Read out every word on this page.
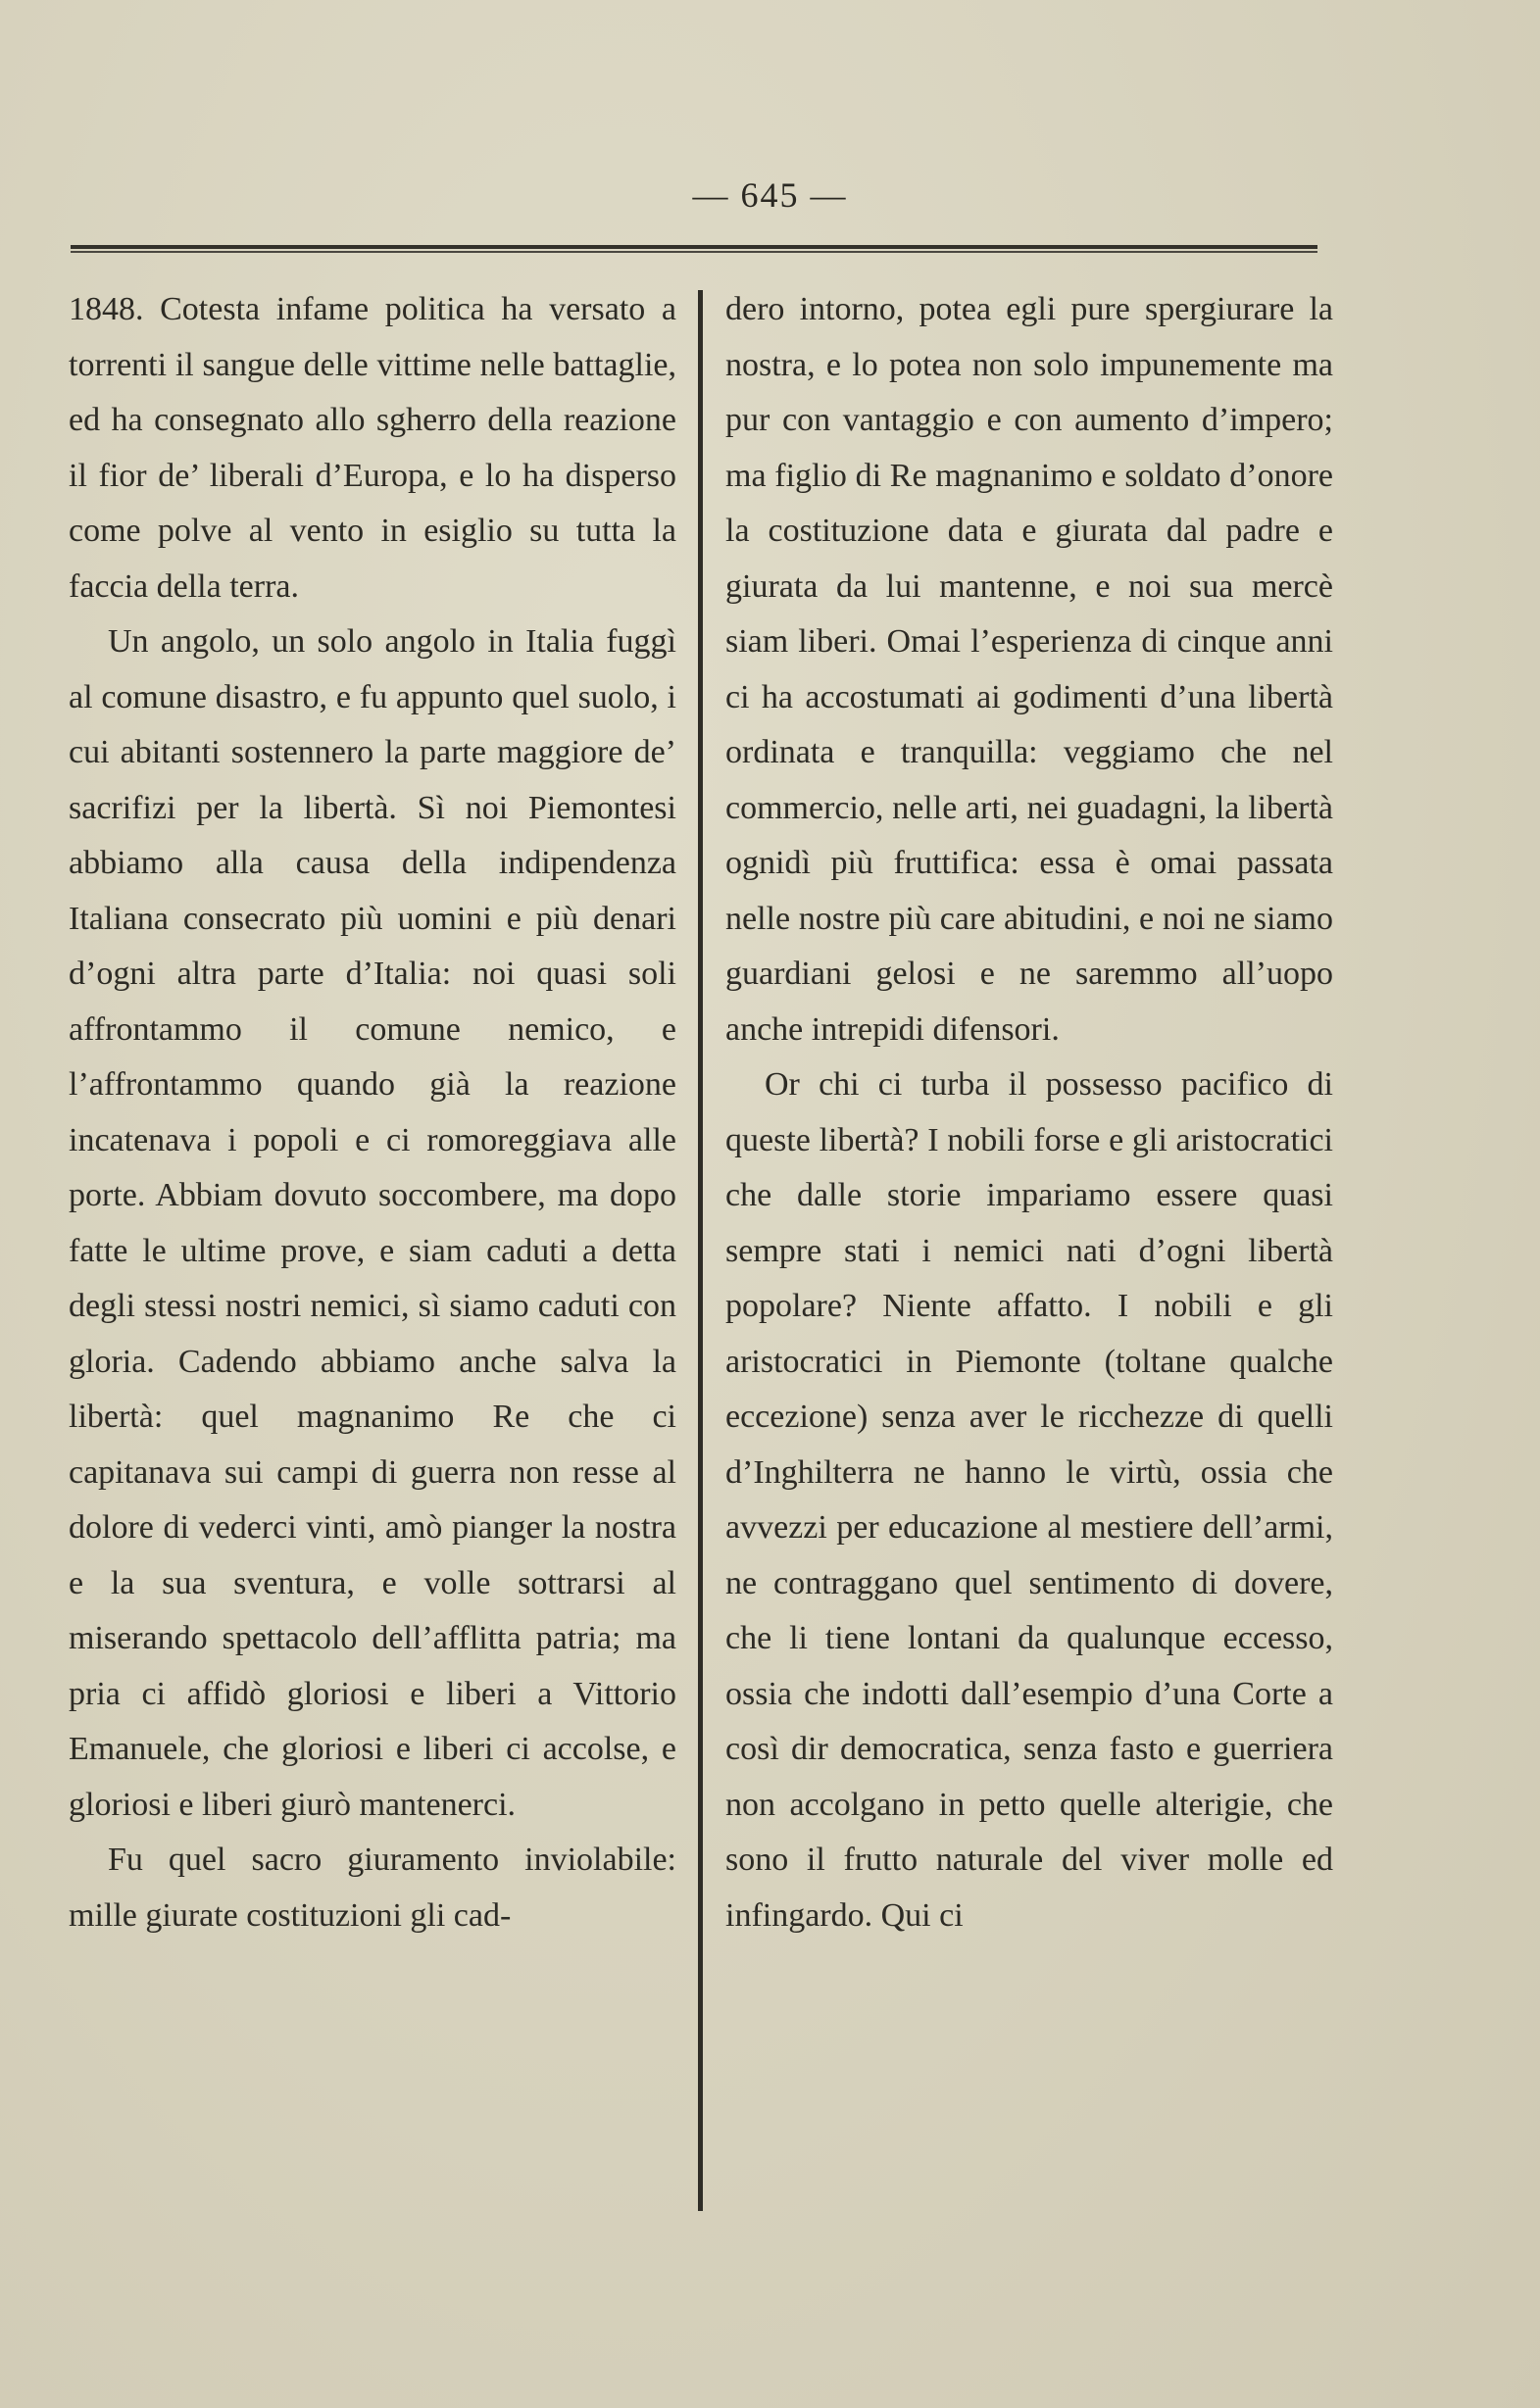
— 645 —

1848. Cotesta infame politica ha versato a torrenti il sangue delle vittime nelle battaglie, ed ha consegnato allo sgherro della reazione il fior de’ liberali d’Europa, e lo ha disperso come polve al vento in esiglio su tutta la faccia della terra.

Un angolo, un solo angolo in Italia fuggì al comune disastro, e fu appunto quel suolo, i cui abitanti sostennero la parte maggiore de’ sacrifizi per la libertà. Sì noi Piemontesi abbiamo alla causa della indipendenza Italiana consecrato più uomini e più denari d’ogni altra parte d’Italia: noi quasi soli affrontammo il comune nemico, e l’affrontammo quando già la reazione incatenava i popoli e ci romoreggiava alle porte. Abbiam dovuto soccombere, ma dopo fatte le ultime prove, e siam caduti a detta degli stessi nostri nemici, sì siamo caduti con gloria. Cadendo abbiamo anche salva la libertà: quel magnanimo Re che ci capitanava sui campi di guerra non resse al dolore di vederci vinti, amò pianger la nostra e la sua sventura, e volle sottrarsi al miserando spettacolo dell’afflitta patria; ma pria ci affidò gloriosi e liberi a Vittorio Emanuele, che gloriosi e liberi ci accolse, e gloriosi e liberi giurò mantenerci.

Fu quel sacro giuramento inviolabile: mille giurate costituzioni gli cad-

dero intorno, potea egli pure spergiurare la nostra, e lo potea non solo impunemente ma pur con vantaggio e con aumento d’impero; ma figlio di Re magnanimo e soldato d’onore la costituzione data e giurata dal padre e giurata da lui mantenne, e noi sua mercè siam liberi. Omai l’esperienza di cinque anni ci ha accostumati ai godimenti d’una libertà ordinata e tranquilla: veggiamo che nel commercio, nelle arti, nei guadagni, la libertà ognidì più fruttifica: essa è omai passata nelle nostre più care abitudini, e noi ne siamo guardiani gelosi e ne saremmo all’uopo anche intrepidi difensori.

Or chi ci turba il possesso pacifico di queste libertà? I nobili forse e gli aristocratici che dalle storie impariamo essere quasi sempre stati i nemici nati d’ogni libertà popolare? Niente affatto. I nobili e gli aristocratici in Piemonte (toltane qualche eccezione) senza aver le ricchezze di quelli d’Inghilterra ne hanno le virtù, ossia che avvezzi per educazione al mestiere dell’armi, ne contraggano quel sentimento di dovere, che li tiene lontani da qualunque eccesso, ossia che indotti dall’esempio d’una Corte a così dir democratica, senza fasto e guerriera non accolgano in petto quelle alterigie, che sono il frutto naturale del viver molle ed infingardo. Qui ci
